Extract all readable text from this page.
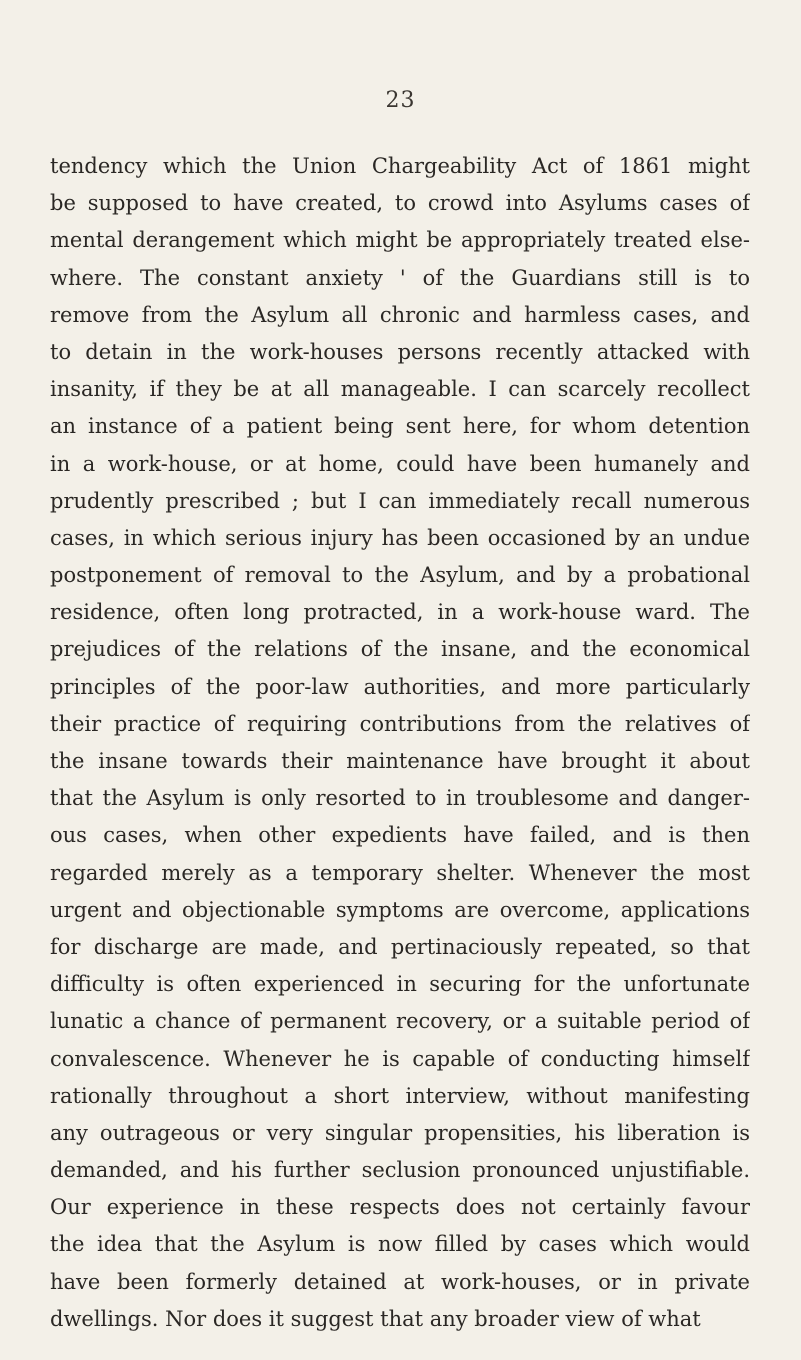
23
tendency which the Union Chargeability Act of 1861 might
be supposed to have created, to crowd into Asylums cases of
mental derangement which might be appropriately treated else-
where. The constant anxiety ' of the Guardians still is to
remove from the Asylum all chronic and harmless cases, and
to detain in the work-houses persons recently attacked with
insanity, if they be at all manageable. I can scarcely recollect
an instance of a patient being sent here, for whom detention
in a work-house, or at home, could have been humanely and
prudently prescribed ; but I can immediately recall numerous
cases, in which serious injury has been occasioned by an undue
postponement of removal to the Asylum, and by a probational
residence, often long protracted, in a work-house ward. The
prejudices of the relations of the insane, and the economical
principles of the poor-law authorities, and more particularly
their practice of requiring contributions from the relatives of
the insane towards their maintenance have brought it about
that the Asylum is only resorted to in troublesome and danger-
ous cases, when other expedients have failed, and is then
regarded merely as a temporary shelter. Whenever the most
urgent and objectionable symptoms are overcome, applications
for discharge are made, and pertinaciously repeated, so that
difficulty is often experienced in securing for the unfortunate
lunatic a chance of permanent recovery, or a suitable period of
convalescence. Whenever he is capable of conducting himself
rationally throughout a short interview, without manifesting
any outrageous or very singular propensities, his liberation is
demanded, and his further seclusion pronounced unjustifiable.
Our experience in these respects does not certainly favour
the idea that the Asylum is now filled by cases which would
have been formerly detained at work-houses, or in private
dwellings. Nor does it suggest that any broader view of what
